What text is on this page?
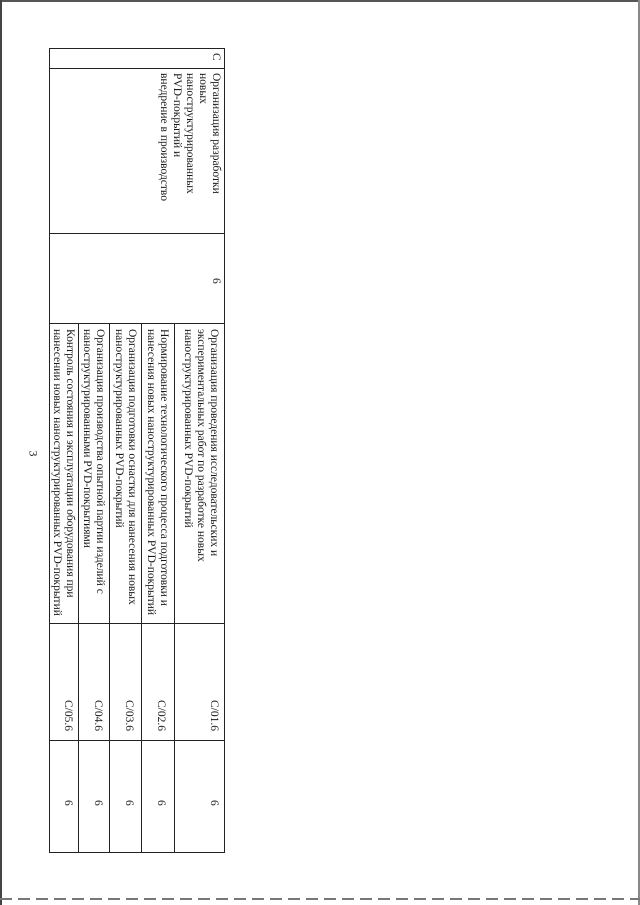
3
C
Организация разработки
новых
наноструктурированных
PVD-покрытий и
внедрение в производство
6
Организация проведения исследовательских и
экспериментальных работ по разработке новых
наноструктурированных PVD-покрытий
C/01.6
6
Нормирование технологического процесса подготовки и
нанесения новых наноструктурированных PVD-покрытий
C/02.6
6
Организация подготовки оснастки для нанесения новых
наноструктурированных PVD-покрытий
C/03.6
6
Организация производства опытной партии изделий с
наноструктурированными PVD-покрытиями
C/04.6
6
Контроль состояния и эксплуатации оборудования при
нанесении новых наноструктурированных PVD-покрытий
C/05.6
6
